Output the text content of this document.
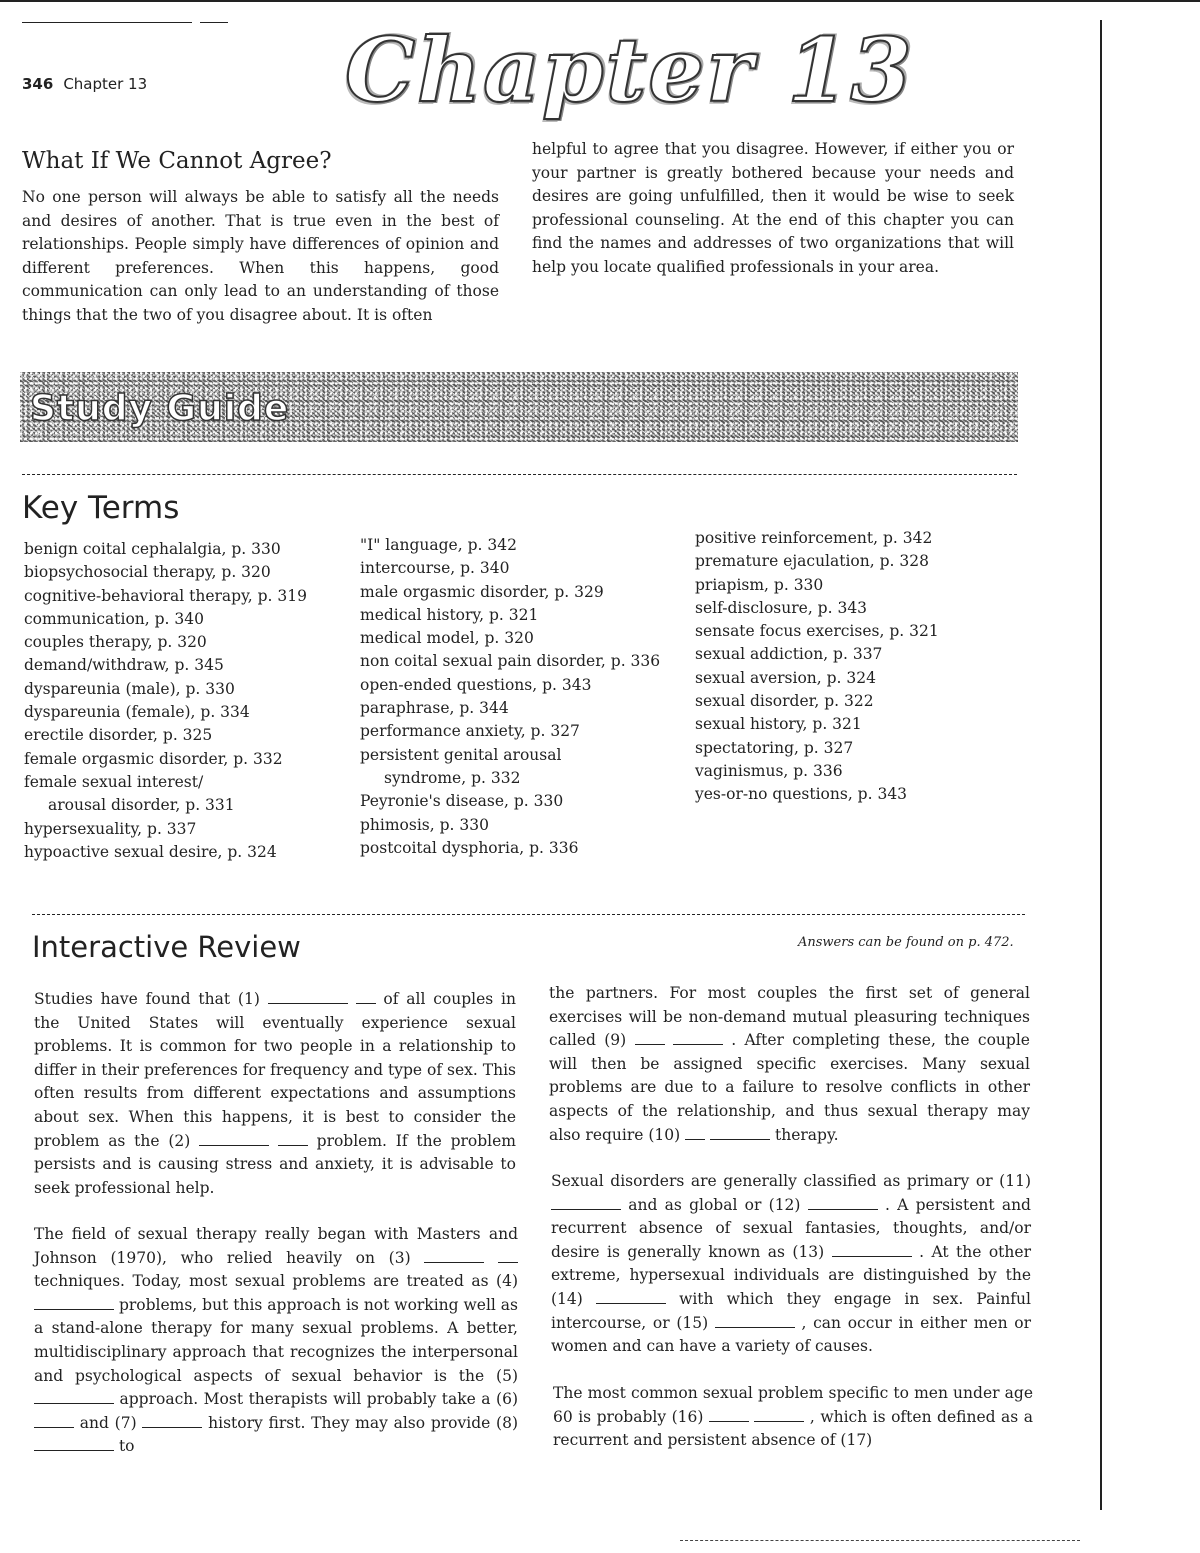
346 Chapter 13 Chapter 13
What If We Cannot Agree?

No one person will always be able to satisfy all the needs and desires of another. That is true even in the best of relationships. People simply have differences of opinion and different preferences. When this happens, good communication can only lead to an understanding of those things that the two of you disagree about. It is often

helpful to agree that you disagree. However, if either you or your partner is greatly bothered because your needs and desires are going unfulfilled, then it would be wise to seek professional counseling. At the end of this chapter you can find the names and addresses of two organizations that will help you locate qualified professionals in your area.

Study Guide
Key Terms
benign coital cephalalgia, p. 330
biopsychosocial therapy, p. 320
cognitive-behavioral therapy, p. 319
communication, p. 340
couples therapy, p. 320
demand/withdraw, p. 345
dyspareunia (male), p. 330
dyspareunia (female), p. 334
erectile disorder, p. 325
female orgasmic disorder, p. 332
female sexual interest/
arousal disorder, p. 331
hypersexuality, p. 337
hypoactive sexual desire, p. 324
"I" language, p. 342
intercourse, p. 340
male orgasmic disorder, p. 329
medical history, p. 321
medical model, p. 320
non coital sexual pain disorder, p. 336
open-ended questions, p. 343
paraphrase, p. 344
performance anxiety, p. 327
persistent genital arousal
syndrome, p. 332
Peyronie's disease, p. 330
phimosis, p. 330
postcoital dysphoria, p. 336
positive reinforcement, p. 342
premature ejaculation, p. 328
priapism, p. 330
self-disclosure, p. 343
sensate focus exercises, p. 321
sexual addiction, p. 337
sexual aversion, p. 324
sexual disorder, p. 322
sexual history, p. 321
spectatoring, p. 327
vaginismus, p. 336
yes-or-no questions, p. 343
Interactive Review	Answers can be found on p. 472.

Studies have found that (1)	of all couples in the United States will eventually experience sexual problems. It is common for two people in a relationship to differ in their preferences for frequency and type of sex. This often results from different expectations and assumptions about sex. When this happens, it is best to consider the problem as the (2)	problem. If the problem persists and is causing stress and anxiety, it is advisable to seek professional help.

The field of sexual therapy really began with Masters and Johnson (1970), who relied heavily on (3)   techniques. Today, most sexual problems are treated as (4)  problems, but this approach is not working well as a stand-alone therapy for many sexual problems. A better, multidisciplinary approach that recognizes the interpersonal and psychological aspects of sexual behavior is the (5)  approach. Most therapists will probably take a (6)  and (7)	history first. They may also provide (8)  to

the partners. For most couples the first set of general exercises will be non-demand mutual pleasuring techniques called (9)	. After completing these, the couple will then be assigned specific exercises. Many sexual problems are due to a failure to resolve conflicts in other aspects of the relationship, and thus sexual therapy may also require (10)	therapy.

Sexual disorders are generally classified as primary or (11)  and as global or (12)	. A persistent and recurrent absence of sexual fantasies, thoughts, and/or desire is generally known as (13)	. At the other extreme, hypersexual individuals are distinguished by the (14)	with which they engage in sex. Painful intercourse, or (15)	, can occur in either men or women and can have a variety of causes.

The most common sexual problem specific to men under age 60 is probably (16)	, which is often defined as a recurrent and persistent absence of (17)
